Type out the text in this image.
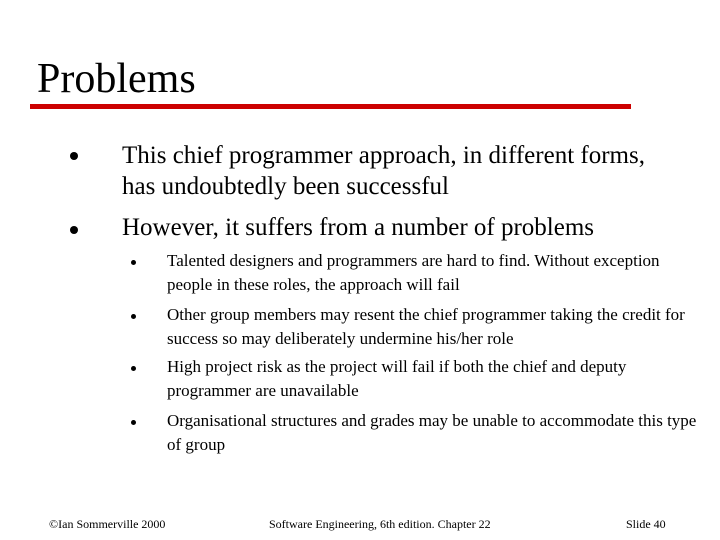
Problems
This chief programmer approach, in different forms, has undoubtedly been successful
However, it suffers from a number of problems
Talented designers and programmers are hard to find. Without exception people in these roles, the approach will fail
Other group members may resent the chief programmer taking the credit for success so may deliberately undermine his/her role
High project risk as the project will fail if both the chief and deputy programmer are unavailable
Organisational structures and grades may be unable to accommodate this type of group
©Ian Sommerville 2000	Software Engineering, 6th edition. Chapter 22	Slide 40
